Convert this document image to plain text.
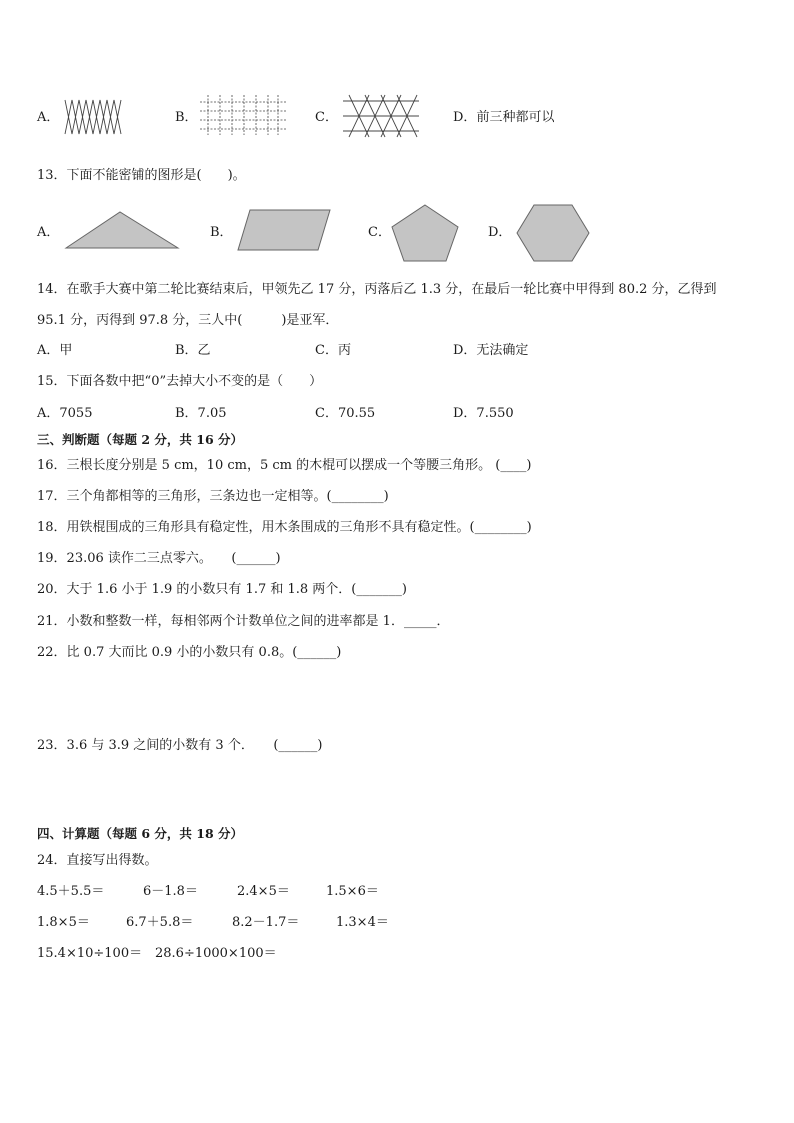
A．	B．	C．	D．前三种都可以
13．下面不能密铺的图形是(　　)。
A．	B．	C．	D．
14．在歌手大赛中第二轮比赛结束后，甲领先乙 17 分，丙落后乙 1.3 分，在最后一轮比赛中甲得到 80.2 分，乙得到
95.1 分，丙得到 97.8 分，三人中(　　　)是亚军．
A．甲	B．乙	C．丙	D．无法确定
15．下面各数中把“0”去掉大小不变的是（　　）
A．7055	B．7.05	C．70.55	D．7.550
三、判断题（每题 2 分，共 16 分）
16．三根长度分别是 5 cm，10 cm，5 cm 的木棍可以摆成一个等腰三角形。 (____)
17．三个角都相等的三角形，三条边也一定相等。(________)
18．用铁棍围成的三角形具有稳定性，用木条围成的三角形不具有稳定性。(________)
19．23.06 读作二三点零六。　　(______)
20．大于 1.6 小于 1.9 的小数只有 1.7 和 1.8 两个．(_______)
21．小数和整数一样，每相邻两个计数单位之间的进率都是 1．_____．
22．比 0.7 大而比 0.9 小的小数只有 0.8。(______)
23．3.6 与 3.9 之间的小数有 3 个．　　(______)
四、计算题（每题 6 分，共 18 分）
24．直接写出得数。
4.5＋5.5＝	6－1.8＝	2.4×5＝	1.5×6＝
1.8×5＝	6.7＋5.8＝	8.2－1.7＝	1.3×4＝
15.4×10÷100＝ 28.6÷1000×100＝
